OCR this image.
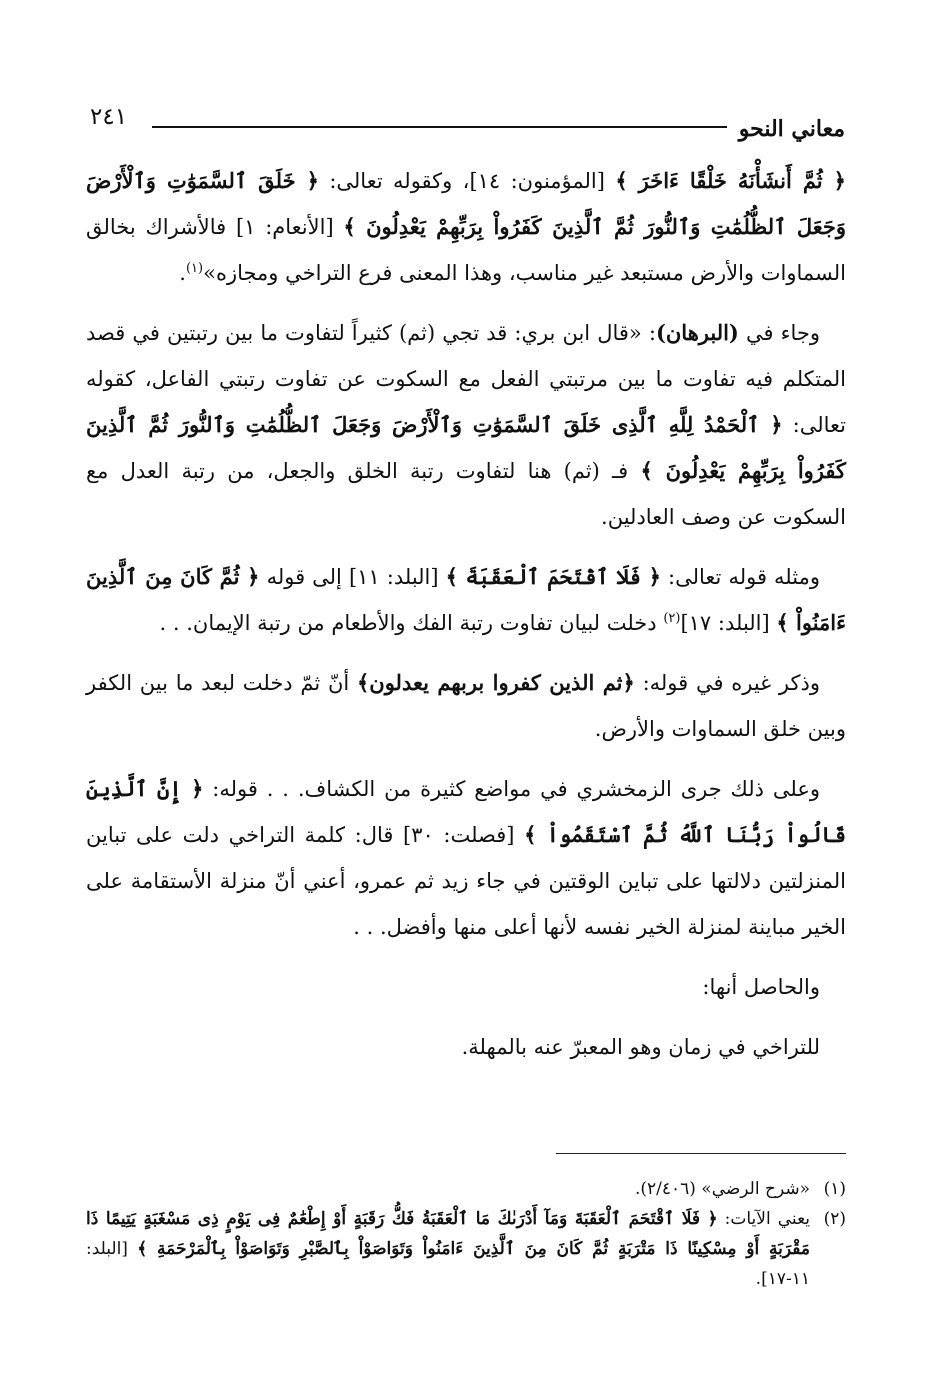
معاني النحو
٢٤١

﴿ ثُمَّ أَنشَأْنَهُ خَلْقًا ءَاخَرَ ﴾ [المؤمنون: ١٤]، وكقوله تعالى: ﴿ خَلَقَ ٱلسَّمَوَٰتِ وَٱلْأَرْضَ وَجَعَلَ ٱلظُّلُمَٰتِ وَٱلنُّورَ ثُمَّ ٱلَّذِينَ كَفَرُواْ بِرَبِّهِمْ يَعْدِلُونَ ﴾ [الأنعام: ١] فالأشراك بخالق السماوات والأرض مستبعد غير مناسب، وهذا المعنى فرع التراخي ومجازه»$^{(١)}$.

وجاء في (البرهان): «قال ابن بري: قد تجي (ثم) كثيراً لتفاوت ما بين رتبتين في قصد المتكلم فيه تفاوت ما بين مرتبتي الفعل مع السكوت عن تفاوت رتبتي الفاعل، كقوله تعالى: ﴿ ٱلْحَمْدُ لِلَّهِ ٱلَّذِى خَلَقَ ٱلسَّمَوَٰتِ وَٱلْأَرْضَ وَجَعَلَ ٱلظُّلُمَٰتِ وَٱلنُّورَ ثُمَّ ٱلَّذِينَ كَفَرُواْ بِرَبِّهِمْ يَعْدِلُونَ ﴾ فـ (ثم) هنا لتفاوت رتبة الخلق والجعل، من رتبة العدل مع السكوت عن وصف العادلين.

ومثله قوله تعالى: ﴿ فَلَا ٱقْتَحَمَ ٱلْعَقَبَةَ ﴾ [البلد: ١١] إلى قوله ﴿ ثُمَّ كَانَ مِنَ ٱلَّذِينَ ءَامَنُواْ ﴾ [البلد: ١٧]$^{(٢)}$ دخلت لبيان تفاوت رتبة الفك والأطعام من رتبة الإيمان. . .

وذكر غيره في قوله: ﴿ثم الذين كفروا بربهم يعدلون﴾ أنّ ثمّ دخلت لبعد ما بين الكفر وبين خلق السماوات والأرض.

وعلى ذلك جرى الزمخشري في مواضع كثيرة من الكشاف. . . قوله: ﴿ إِنَّ ٱلَّذِينَ قَالُواْ رَبُّنَا ٱللَّهُ ثُمَّ ٱسْتَقَمُواْ ﴾ [فصلت: ٣٠] قال: كلمة التراخي دلت على تباين المنزلتين دلالتها على تباين الوقتين في جاء زيد ثم عمرو، أعني أنّ منزلة الأستقامة على الخير مباينة لمنزلة الخير نفسه لأنها أعلى منها وأفضل. . .

والحاصل أنها:

للتراخي في زمان وهو المعبرّ عنه بالمهلة.

(١)
«شرح الرضي» (٢/٤٠٦).
(٢)
يعني الآيات: ﴿ فَلَا ٱقْتَحَمَ ٱلْعَقَبَةَ وَمَآ أَدْرَىٰكَ مَا ٱلْعَقَبَةُ فَكُّ رَقَبَةٍ أَوْ إِطْعَٰمٌ فِى يَوْمٍ ذِى مَسْغَبَةٍ يَتِيمًا ذَا مَقْرَبَةٍ أَوْ مِسْكِينًا ذَا مَتْرَبَةٍ ثُمَّ كَانَ مِنَ ٱلَّذِينَ ءَامَنُواْ وَتَوَاصَوْاْ بِٱلصَّبْرِ وَتَوَاصَوْاْ بِٱلْمَرْحَمَةِ ﴾ [البلد: ١١-١٧].
